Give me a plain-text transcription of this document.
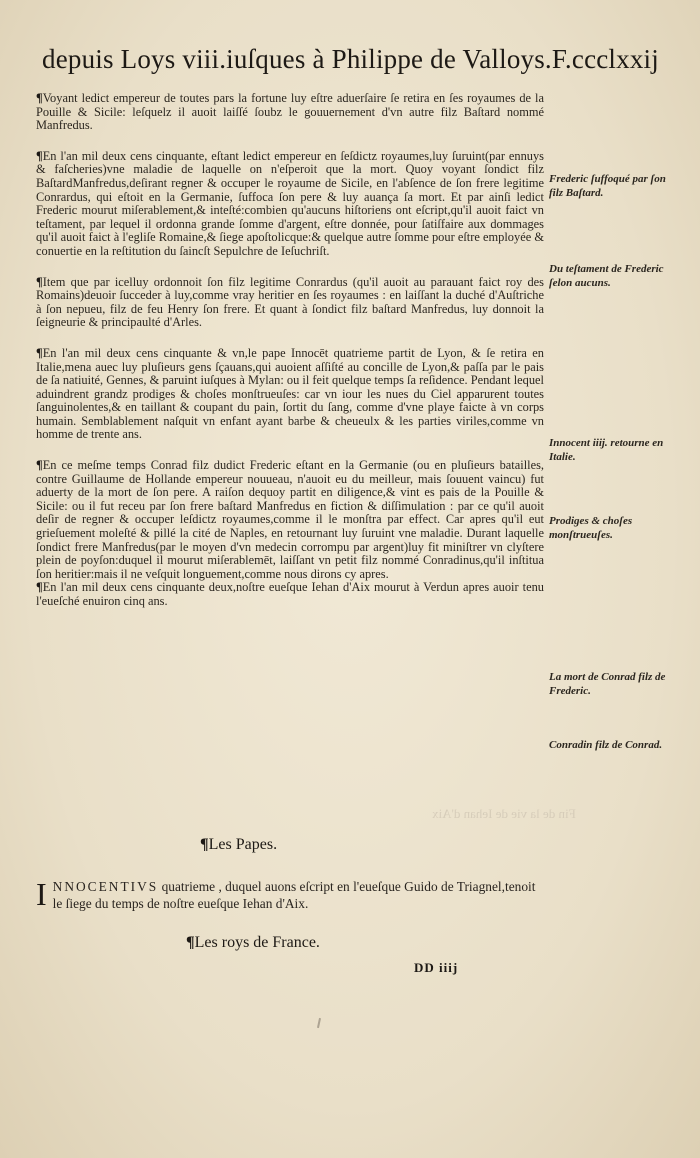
depuis Loys viii.iuſques à Philippe de Valloys.F.ccclxxij

¶Voyant ledict empereur de toutes pars la fortune luy eſtre aduerſaire ſe retira en ſes royaumes de la Pouille & Sicile: leſquelz il auoit laiſſé ſoubz le gouuernement d'vn autre filz Baſtard nommé Manfredus.

¶En l'an mil deux cens cinquante, eſtant ledict empereur en ſeſdictz royaumes,luy ſuruint(par ennuys & faſcheries)vne maladie de laquelle on n'eſperoit que la mort. Quoy voyant ſondict filz BaſtardManfredus,deſirant regner & occuper le royaume de Sicile, en l'abſence de ſon frere legitime Conrardus, qui eſtoit en la Germanie, ſuffoca ſon pere & luy auança ſa mort. Et par ainſi ledict Frederic mourut miſerablement,& inteſté:combien qu'aucuns hiſtoriens ont eſcript,qu'il auoit faict vn teſtament, par lequel il ordonna grande ſomme d'argent, eſtre donnée, pour ſatiſfaire aux dommages qu'il auoit faict à l'egliſe Romaine,& ſiege apoſtolicque:& quelque autre ſomme pour eſtre employée & conuertie en la reſtitution du ſaincſt Sepulchre de Ieſuchriſt.

¶Item que par icelluy ordonnoit ſon filz legitime Conrardus (qu'il auoit au parauant faict roy des Romains)deuoir ſucceder à luy,comme vray heritier en ſes royaumes : en laiſſant la duché d'Auſtriche à ſon nepueu, filz de feu Henry ſon frere. Et quant à ſondict filz baſtard Manfredus, luy donnoit la ſeigneurie & principaulté d'Arles.

¶En l'an mil deux cens cinquante & vn,le pape Innocēt quatrieme partit de Lyon, & ſe retira en Italie,mena auec luy pluſieurs gens ſçauans,qui auoient aſſiſté au concille de Lyon,& paſſa par le pais de ſa natiuité, Gennes, & paruint iuſques à Mylan: ou il feit quelque temps ſa reſidence. Pendant lequel aduindrent grandz prodiges & choſes monſtrueuſes: car vn iour les nues du Ciel apparurent toutes ſanguinolentes,& en taillant & coupant du pain, ſortit du ſang, comme d'vne playe faicte à vn corps humain. Semblablement naſquit vn enfant ayant barbe & cheueulx & les parties viriles,comme vn homme de trente ans.

¶En ce meſme temps Conrad filz dudict Frederic eſtant en la Germanie (ou en pluſieurs batailles, contre Guillaume de Hollande empereur nouueau, n'auoit eu du meilleur, mais ſouuent vaincu) fut aduerty de la mort de ſon pere. A raiſon dequoy partit en diligence,& vint es pais de la Pouille & Sicile: ou il fut receu par ſon frere baſtard Manfredus en fiction & diſſimulation : par ce qu'il auoit deſir de regner & occuper leſdictz royaumes,comme il le monſtra par effect. Car apres qu'il eut grieſuement moleſté & pillé la cité de Naples, en retournant luy ſuruint vne maladie. Durant laquelle ſondict frere Manfredus(par le moyen d'vn medecin corrompu par argent)luy fit miniſtrer vn clyſtere plein de poyſon:duquel il mourut miſerablemēt, laiſſant vn petit filz nommé Conradinus,qu'il inſtitua ſon heritier:mais il ne veſquit longuement,comme nous dirons cy apres.

¶En l'an mil deux cens cinquante deux,noſtre eueſque Iehan d'Aix mourut à Verdun apres auoir tenu l'eueſché enuiron cinq ans.

Frederic ſuffoqué par ſon filz Baſtard.
Du teſtament de Frederic ſelon aucuns.
Innocent iiij. retourne en Italie.
Prodiges & choſes monſtrueuſes.
La mort de Conrad filz de Frederic.
Conradin filz de Conrad.
Fin de la vie de Iehan d'Aix
¶Les Papes.
INNOCENTIVS quatrieme , duquel auons eſcript en l'eueſque Guido de Triagnel,tenoit le ſiege du temps de noſtre eueſque Iehan d'Aix.
¶Les roys de France.
DD iiij
